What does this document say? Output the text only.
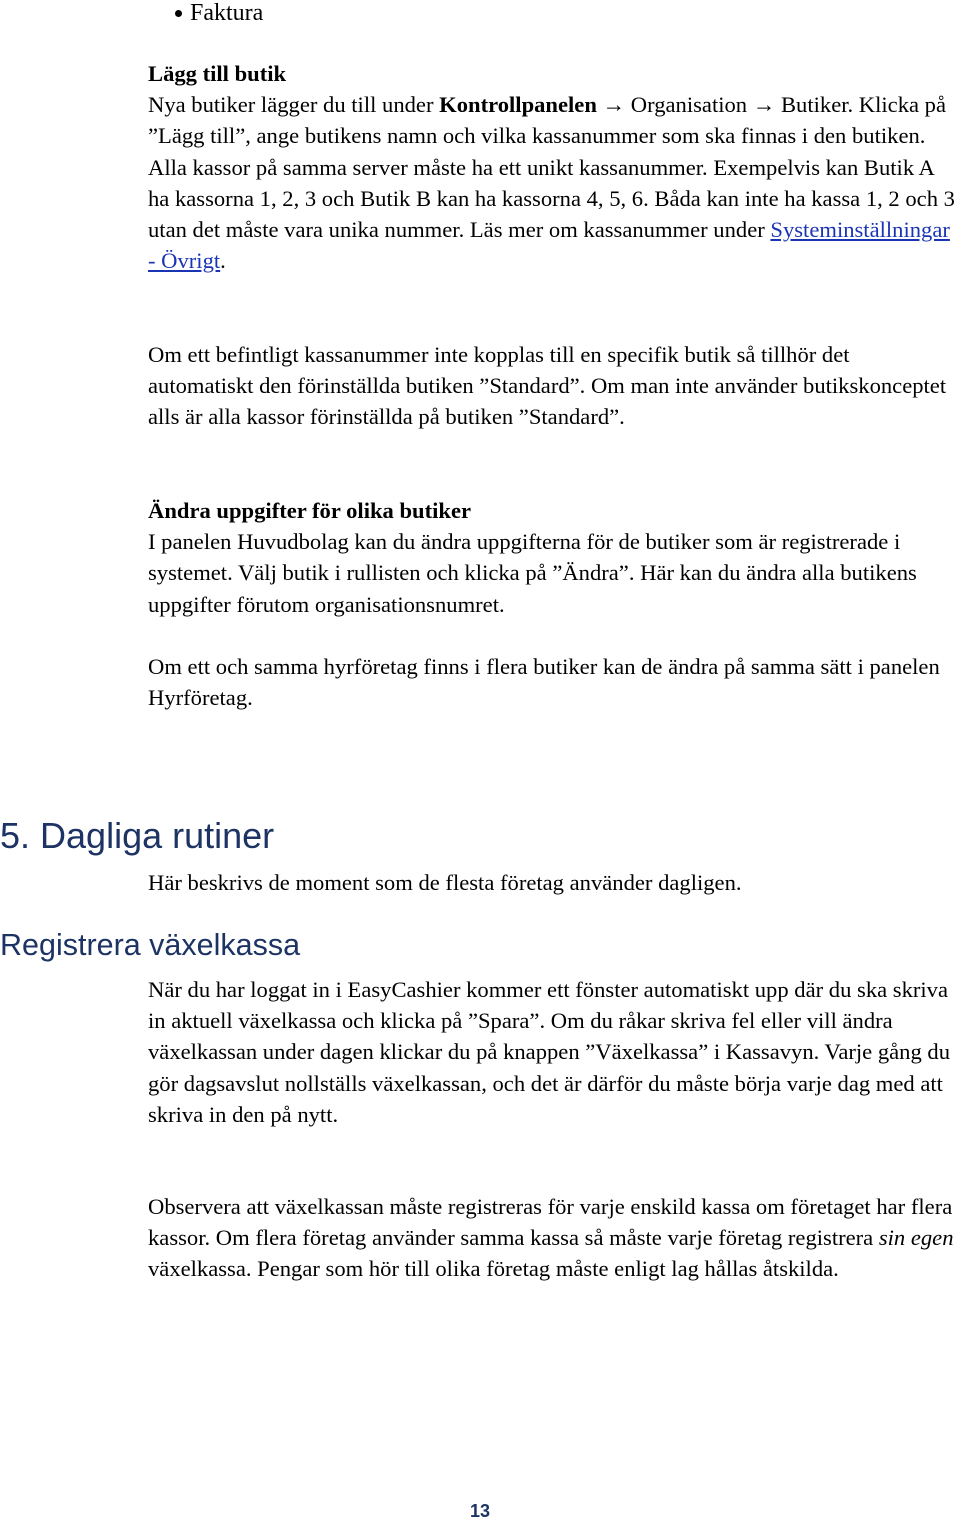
Faktura

Lägg till butik

Nya butiker lägger du till under Kontrollpanelen → Organisation → Butiker. Klicka på ”Lägg till”, ange butikens namn och vilka kassanummer som ska finnas i den butiken. Alla kassor på samma server måste ha ett unikt kassanummer. Exempelvis kan Butik A ha kassorna 1, 2, 3 och Butik B kan ha kassorna 4, 5, 6. Båda kan inte ha kassa 1, 2 och 3 utan det måste vara unika nummer. Läs mer om kassanummer under Systeminställningar - Övrigt.

Om ett befintligt kassanummer inte kopplas till en specifik butik så tillhör det automatiskt den förinställda butiken ”Standard”. Om man inte använder butikskonceptet alls är alla kassor förinställda på butiken ”Standard”.

Ändra uppgifter för olika butiker

I panelen Huvudbolag kan du ändra uppgifterna för de butiker som är registrerade i systemet. Välj butik i rullisten och klicka på ”Ändra”. Här kan du ändra alla butikens uppgifter förutom organisationsnumret.

Om ett och samma hyrföretag finns i flera butiker kan de ändra på samma sätt i panelen Hyrföretag.

5. Dagliga rutiner

Här beskrivs de moment som de flesta företag använder dagligen.

Registrera växelkassa

När du har loggat in i EasyCashier kommer ett fönster automatiskt upp där du ska skriva in aktuell växelkassa och klicka på ”Spara”. Om du råkar skriva fel eller vill ändra växelkassan under dagen klickar du på knappen ”Växelkassa” i Kassavyn. Varje gång du gör dagsavslut nollställs växelkassan, och det är därför du måste börja varje dag med att skriva in den på nytt.

Observera att växelkassan måste registreras för varje enskild kassa om företaget har flera kassor. Om flera företag använder samma kassa så måste varje företag registrera sin egen växelkassa. Pengar som hör till olika företag måste enligt lag hållas åtskilda.

13
